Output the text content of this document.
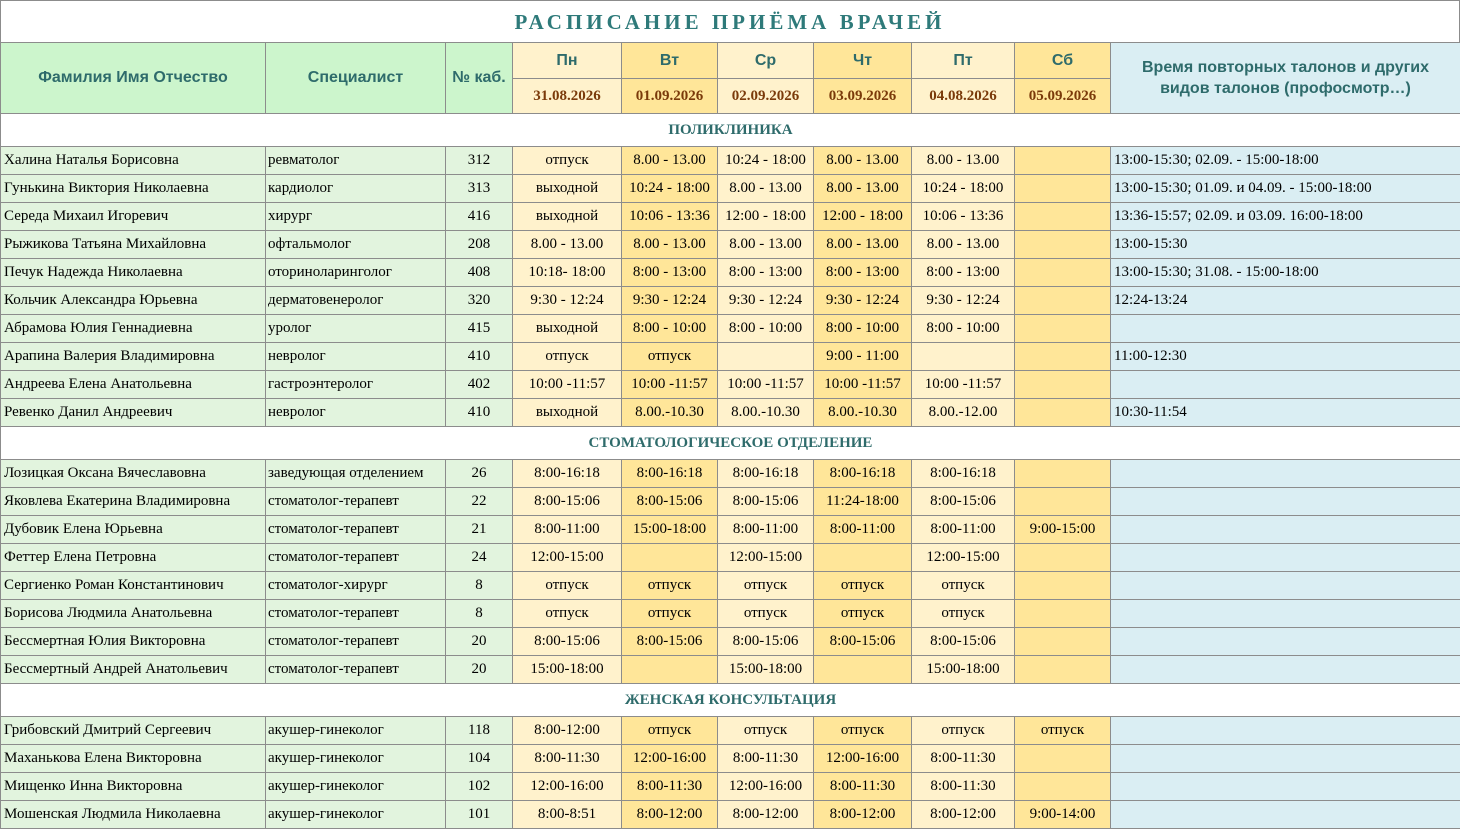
РАСПИСАНИЕ ПРИЁМА ВРАЧЕЙ
Фамилия Имя Отчество	Специалист	№ каб.	Пн	Вт	Ср	Чт	Пт	Сб	Время повторных талонов и других
видов талонов (профосмотр…)

			31.08.2026	01.09.2026	02.09.2026	03.09.2026	04.08.2026	05.09.2026	
ПОЛИКЛИНИКА									
Халина Наталья Борисовна	ревматолог	312	отпуск	8.00 - 13.00	10:24 - 18:00	8.00 - 13.00	8.00 - 13.00		13:00-15:30; 02.09. - 15:00-18:00
Гунькина Виктория Николаевна	кардиолог	313	выходной	10:24 - 18:00	8.00 - 13.00	8.00 - 13.00	10:24 - 18:00		13:00-15:30; 01.09. и 04.09. - 15:00-18:00
Середа Михаил Игоревич	хирург	416	выходной	10:06 - 13:36	12:00 - 18:00	12:00 - 18:00	10:06 - 13:36		13:36-15:57; 02.09. и 03.09. 16:00-18:00
Рыжикова Татьяна Михайловна	офтальмолог	208	8.00 - 13.00	8.00 - 13.00	8.00 - 13.00	8.00 - 13.00	8.00 - 13.00		13:00-15:30
Печук Надежда Николаевна	оториноларинголог	408	10:18- 18:00	8:00 - 13:00	8:00 - 13:00	8:00 - 13:00	8:00 - 13:00		13:00-15:30; 31.08. - 15:00-18:00
Кольчик Александра Юрьевна	дерматовенеролог	320	9:30 - 12:24	9:30 - 12:24	9:30 - 12:24	9:30 - 12:24	9:30 - 12:24		12:24-13:24
Абрамова Юлия Геннадиевна	уролог	415	выходной	8:00 - 10:00	8:00 - 10:00	8:00 - 10:00	8:00 - 10:00		
Арапина Валерия Владимировна	невролог	410	отпуск	отпуск		9:00 - 11:00			11:00-12:30
Андреева Елена Анатольевна	гастроэнтеролог	402	10:00 -11:57	10:00 -11:57	10:00 -11:57	10:00 -11:57	10:00 -11:57		
Ревенко Данил Андреевич	невролог	410	выходной	8.00.-10.30	8.00.-10.30	8.00.-10.30	8.00.-12.00		10:30-11:54
СТОМАТОЛОГИЧЕСКОЕ ОТДЕЛЕНИЕ									
Лозицкая Оксана Вячеславовна	заведующая отделением	26	8:00-16:18	8:00-16:18	8:00-16:18	8:00-16:18	8:00-16:18		
Яковлева Екатерина Владимировна	стоматолог-терапевт	22	8:00-15:06	8:00-15:06	8:00-15:06	11:24-18:00	8:00-15:06		
Дубовик Елена Юрьевна	стоматолог-терапевт	21	8:00-11:00	15:00-18:00	8:00-11:00	8:00-11:00	8:00-11:00	9:00-15:00	
Феттер Елена Петровна	стоматолог-терапевт	24	12:00-15:00		12:00-15:00		12:00-15:00		
Сергиенко Роман Константинович	стоматолог-хирург	8	отпуск	отпуск	отпуск	отпуск	отпуск		
Борисова Людмила Анатольевна	стоматолог-терапевт	8	отпуск	отпуск	отпуск	отпуск	отпуск		
Бессмертная Юлия Викторовна	стоматолог-терапевт	20	8:00-15:06	8:00-15:06	8:00-15:06	8:00-15:06	8:00-15:06		
Бессмертный Андрей Анатольевич	стоматолог-терапевт	20	15:00-18:00		15:00-18:00		15:00-18:00		
ЖЕНСКАЯ КОНСУЛЬТАЦИЯ									
Грибовский Дмитрий Сергеевич	акушер-гинеколог	118	8:00-12:00	отпуск	отпуск	отпуск	отпуск	отпуск	
Маханькова Елена Викторовна	акушер-гинеколог	104	8:00-11:30	12:00-16:00	8:00-11:30	12:00-16:00	8:00-11:30		
Мищенко Инна Викторовна	акушер-гинеколог	102	12:00-16:00	8:00-11:30	12:00-16:00	8:00-11:30	8:00-11:30		
Мошенская Людмила Николаевна	акушер-гинеколог	101	8:00-8:51	8:00-12:00	8:00-12:00	8:00-12:00	8:00-12:00	9:00-14:00	
